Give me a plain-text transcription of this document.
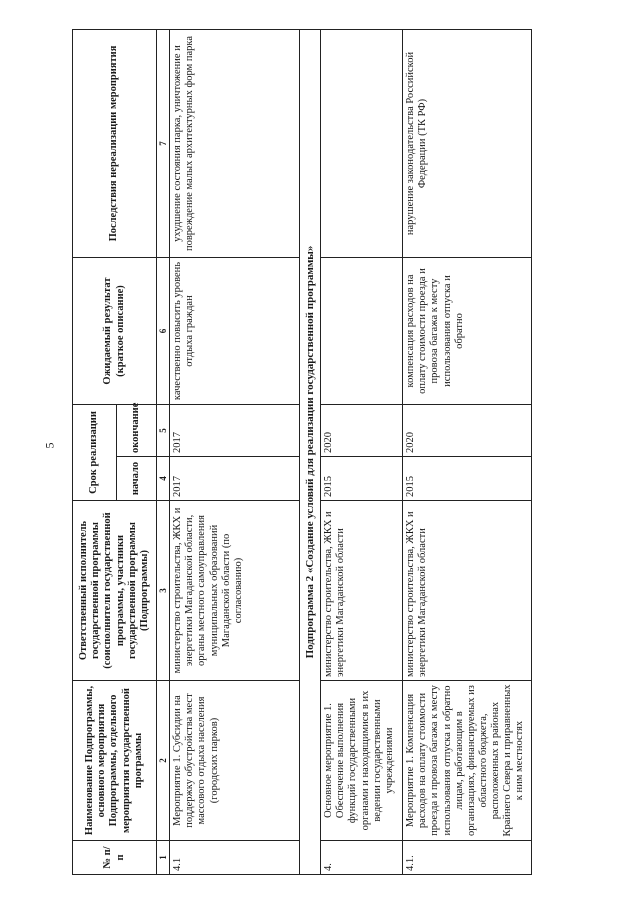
5
№ п/п	Наименование Подпрограммы, основного мероприятия Подпрограммы, отдельного мероприятия государственной программы	Ответственный исполнитель государственной программы (соисполнители государственной программы, участники государственной программы (Подпрограммы)	Срок реализации		Ожидаемый результат (краткое описание)	Последствия нереализации мероприятия
			начало	окончание		
1	2	3	4	5	6	7
4.1	Мероприятие 1. Субсидии на поддержку обустройства мест массового отдыха населения (городских парков)	министерство строительства, ЖКХ и энергетики Магаданской области, органы местного самоуправления муниципальных образований Магаданской области (по согласованию)	2017	2017	качественно повысить уровень отдыха граждан	ухудшение состояния парка, уничтожение и повреждение малых архитектурных форм парка
Подпрограмма 2 «Создание условий для реализации государственной программы»						
4.	Основное мероприятие 1. Обеспечение выполнения функций государственными органами и находящимися в их ведении государственными учреждениями	министерство строительства, ЖКХ и энергетики Магаданской области	2015	2020		
4.1.	Мероприятие 1. Компенсация расходов на оплату стоимости проезда и провоза багажа к месту использования отпуска и обратно лицам, работающим в организациях, финансируемых из областного бюджета, расположенных в районах Крайнего Севера и приравненных к ним местностях	министерство строительства, ЖКХ и энергетики Магаданской области	2015	2020	компенсация расходов на оплату стоимости проезда и провоза багажа к месту использования отпуска и обратно	нарушение законодательства Российской Федерации (ТК РФ)
